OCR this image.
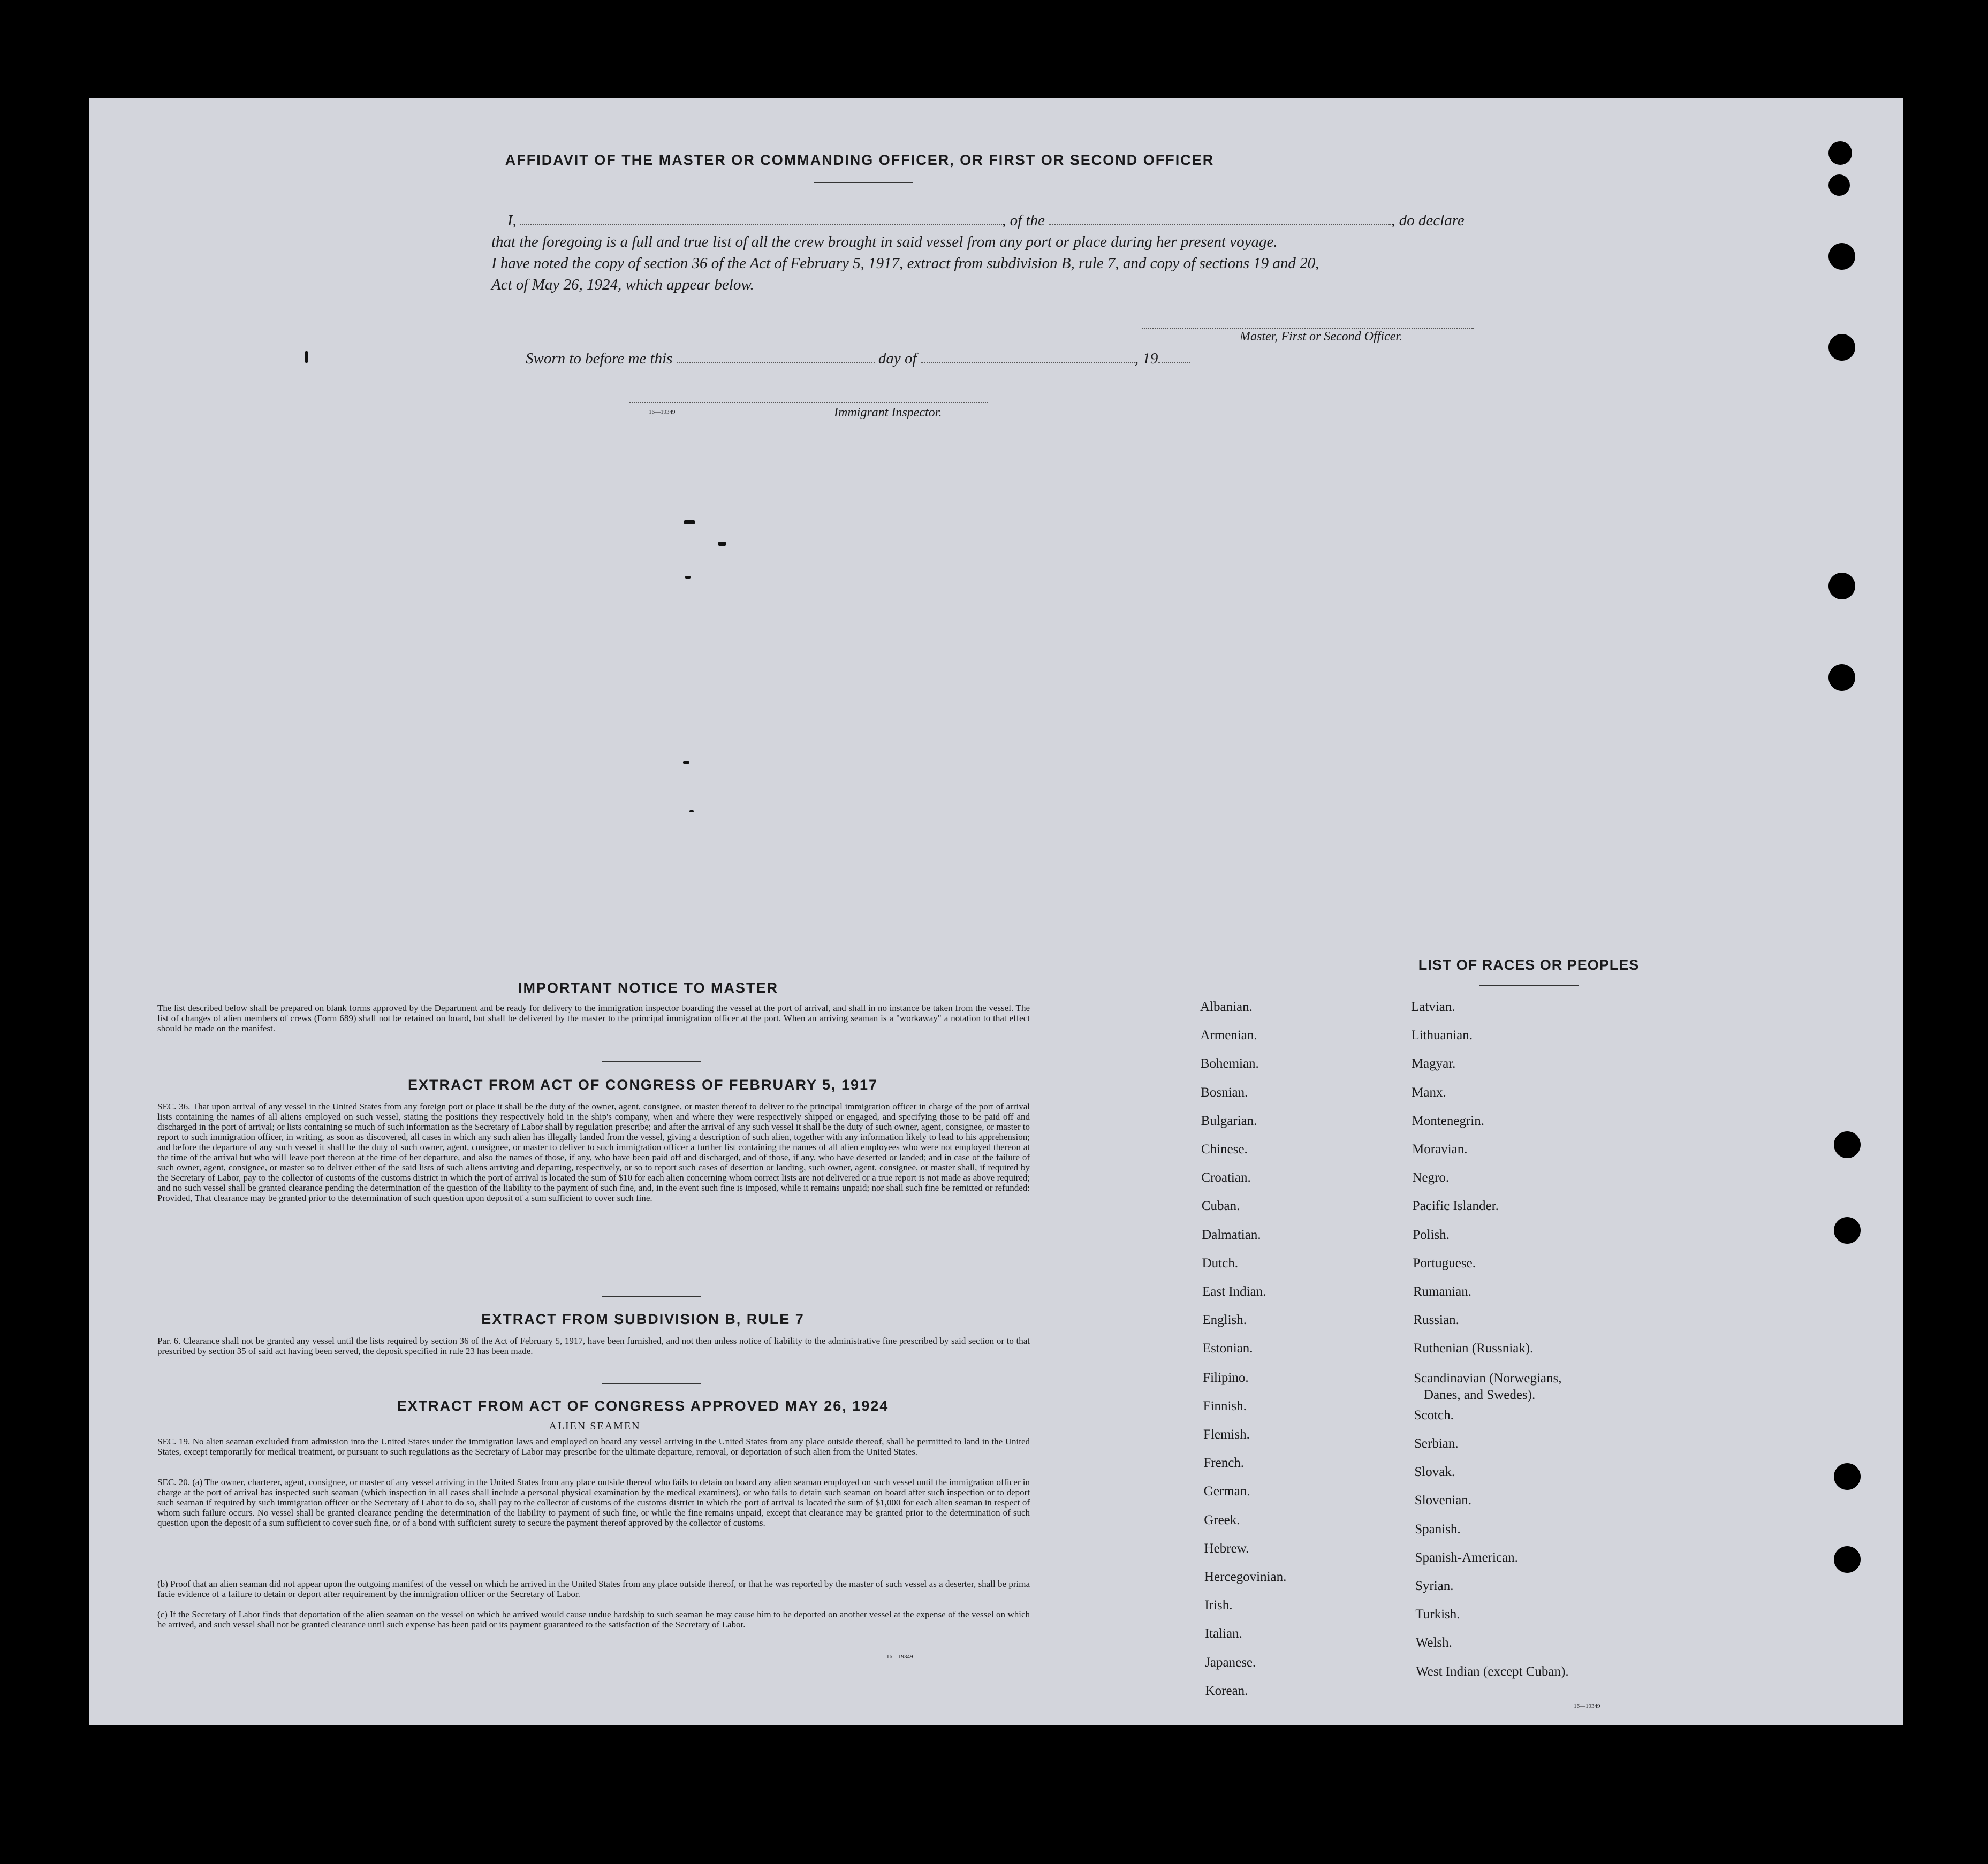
AFFIDAVIT OF THE MASTER OR COMMANDING OFFICER, OR FIRST OR SECOND OFFICER
I,	, of the	, do declare
that the foregoing is a full and true list of all the crew brought in said vessel from any port or place during her present voyage.
I have noted the copy of section 36 of the Act of February 5, 1917, extract from subdivision B, rule 7, and copy of sections 19 and 20,
Act of May 26, 1924, which appear below.
Master, First or Second Officer.
Sworn to before me this	day of	, 19
16—19349	Immigrant Inspector.
IMPORTANT NOTICE TO MASTER
The list described below shall be prepared on blank forms approved by the Department and be ready for delivery to the immigration inspector boarding the vessel at the port of arrival, and shall in no instance be taken from the vessel. The list of changes of alien members of crews (Form 689) shall not be retained on board, but shall be delivered by the master to the principal immigration officer at the port. When an arriving seaman is a "workaway" a notation to that effect should be made on the manifest.
EXTRACT FROM ACT OF CONGRESS OF FEBRUARY 5, 1917
SEC. 36. That upon arrival of any vessel in the United States from any foreign port or place it shall be the duty of the owner, agent, consignee, or master thereof to deliver to the principal immigration officer in charge of the port of arrival lists containing the names of all aliens employed on such vessel, stating the positions they respectively hold in the ship's company, when and where they were respectively shipped or engaged, and specifying those to be paid off and discharged in the port of arrival; or lists containing so much of such information as the Secretary of Labor shall by regulation prescribe; and after the arrival of any such vessel it shall be the duty of such owner, agent, consignee, or master to report to such immigration officer, in writing, as soon as discovered, all cases in which any such alien has illegally landed from the vessel, giving a description of such alien, together with any information likely to lead to his apprehension; and before the departure of any such vessel it shall be the duty of such owner, agent, consignee, or master to deliver to such immigration officer a further list containing the names of all alien employees who were not employed thereon at the time of the arrival but who will leave port thereon at the time of her departure, and also the names of those, if any, who have been paid off and discharged, and of those, if any, who have deserted or landed; and in case of the failure of such owner, agent, consignee, or master so to deliver either of the said lists of such aliens arriving and departing, respectively, or so to report such cases of desertion or landing, such owner, agent, consignee, or master shall, if required by the Secretary of Labor, pay to the collector of customs of the customs district in which the port of arrival is located the sum of $10 for each alien concerning whom correct lists are not delivered or a true report is not made as above required; and no such vessel shall be granted clearance pending the determination of the question of the liability to the payment of such fine, and, in the event such fine is imposed, while it remains unpaid; nor shall such fine be remitted or refunded: Provided, That clearance may be granted prior to the determination of such question upon deposit of a sum sufficient to cover such fine.
EXTRACT FROM SUBDIVISION B, RULE 7
Par. 6. Clearance shall not be granted any vessel until the lists required by section 36 of the Act of February 5, 1917, have been furnished, and not then unless notice of liability to the administrative fine prescribed by said section or to that prescribed by section 35 of said act having been served, the deposit specified in rule 23 has been made.
EXTRACT FROM ACT OF CONGRESS APPROVED MAY 26, 1924
ALIEN SEAMEN
SEC. 19. No alien seaman excluded from admission into the United States under the immigration laws and employed on board any vessel arriving in the United States from any place outside thereof, shall be permitted to land in the United States, except temporarily for medical treatment, or pursuant to such regulations as the Secretary of Labor may prescribe for the ultimate departure, removal, or deportation of such alien from the United States.
SEC. 20. (a) The owner, charterer, agent, consignee, or master of any vessel arriving in the United States from any place outside thereof who fails to detain on board any alien seaman employed on such vessel until the immigration officer in charge at the port of arrival has inspected such seaman (which inspection in all cases shall include a personal physical examination by the medical examiners), or who fails to detain such seaman on board after such inspection or to deport such seaman if required by such immigration officer or the Secretary of Labor to do so, shall pay to the collector of customs of the customs district in which the port of arrival is located the sum of $1,000 for each alien seaman in respect of whom such failure occurs. No vessel shall be granted clearance pending the determination of the liability to payment of such fine, or while the fine remains unpaid, except that clearance may be granted prior to the determination of such question upon the deposit of a sum sufficient to cover such fine, or of a bond with sufficient surety to secure the payment thereof approved by the collector of customs.
(b) Proof that an alien seaman did not appear upon the outgoing manifest of the vessel on which he arrived in the United States from any place outside thereof, or that he was reported by the master of such vessel as a deserter, shall be prima facie evidence of a failure to detain or deport after requirement by the immigration officer or the Secretary of Labor.
(c) If the Secretary of Labor finds that deportation of the alien seaman on the vessel on which he arrived would cause undue hardship to such seaman he may cause him to be deported on another vessel at the expense of the vessel on which he arrived, and such vessel shall not be granted clearance until such expense has been paid or its payment guaranteed to the satisfaction of the Secretary of Labor.
16—19349
LIST OF RACES OR PEOPLES
16—19349
Albanian.
Armenian.
Bohemian.
Bosnian.
Bulgarian.
Chinese.
Croatian.
Cuban.
Dalmatian.
Dutch.
East Indian.
English.
Estonian.
Filipino.
Finnish.
Flemish.
French.
German.
Greek.
Hebrew.
Hercegovinian.
Irish.
Italian.
Japanese.
Korean.
Latvian.
Lithuanian.
Magyar.
Manx.
Montenegrin.
Moravian.
Negro.
Pacific Islander.
Polish.
Portuguese.
Rumanian.
Russian.
Ruthenian (Russniak).
Scandinavian (Norwegians,
Danes, and Swedes).
Scotch.
Serbian.
Slovak.
Slovenian.
Spanish.
Spanish-American.
Syrian.
Turkish.
Welsh.
West Indian (except Cuban).
